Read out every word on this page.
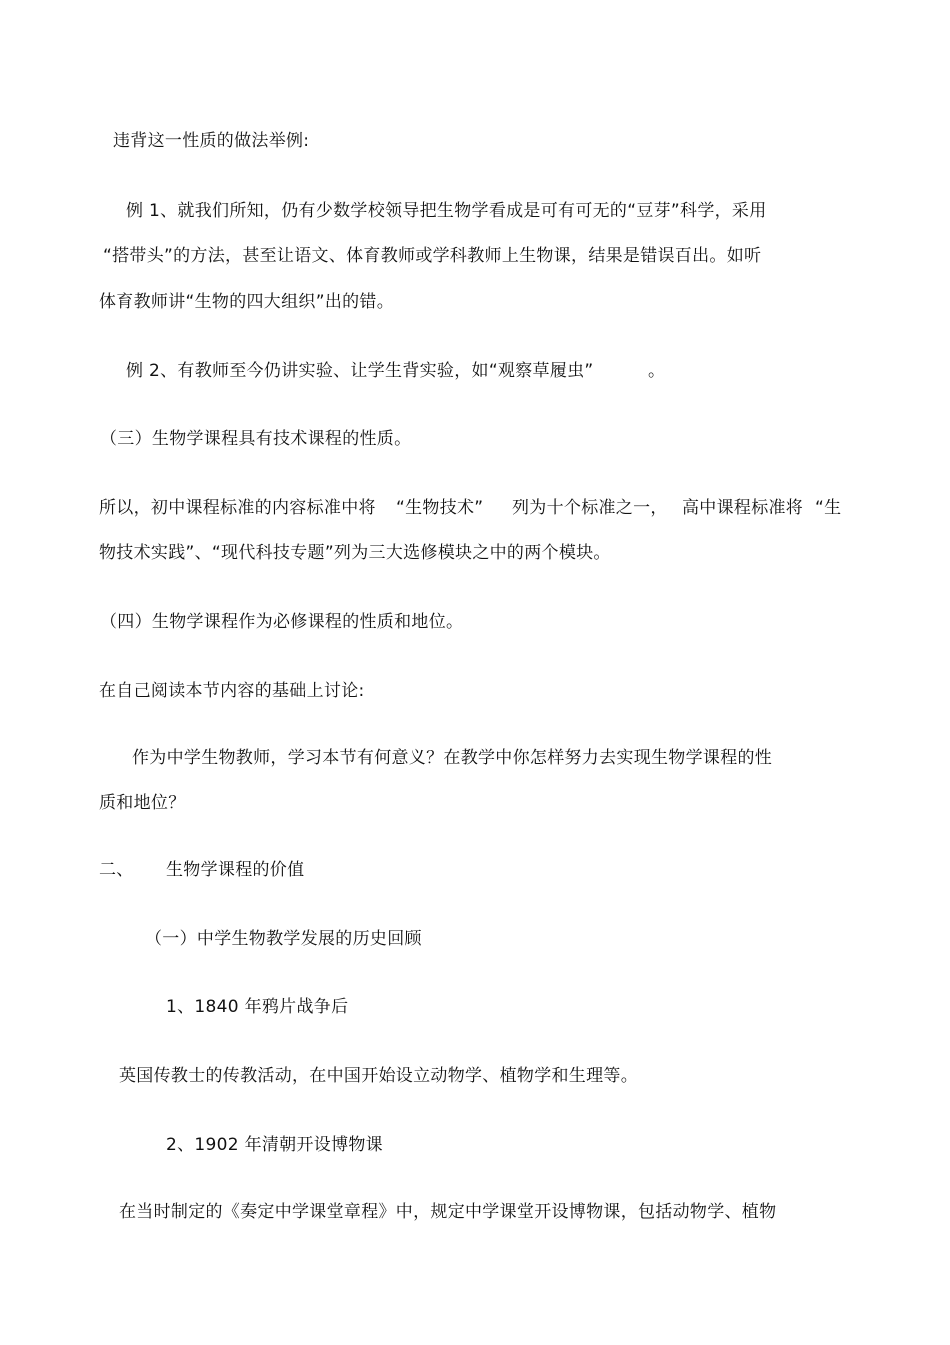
违背这一性质的做法举例:
例 1、就我们所知，仍有少数学校领导把生物学看成是可有可无的“豆芽”科学，采用
“搭带头”的方法，甚至让语文、体育教师或学科教师上生物课，结果是错误百出。如听
体育教师讲“生物的四大组织”出的错。
例 2、有教师至今仍讲实验、让学生背实验，如“观察草履虫”	。
（三）生物学课程具有技术课程的性质。
所以，初中课程标准的内容标准中将 “生物技术” 列为十个标准之一， 高中课程标准将 “生
物技术实践”、“现代科技专题”列为三大选修模块之中的两个模块。
（四）生物学课程作为必修课程的性质和地位。
在自己阅读本节内容的基础上讨论:
作为中学生物教师，学习本节有何意义？在教学中你怎样努力去实现生物学课程的性
质和地位？
二、 生物学课程的价值
（一）中学生物教学发展的历史回顾
1、1840 年鸦片战争后
英国传教士的传教活动，在中国开始设立动物学、植物学和生理等。
2、1902 年清朝开设博物课
在当时制定的《奏定中学课堂章程》中，规定中学课堂开设博物课，包括动物学、植物
